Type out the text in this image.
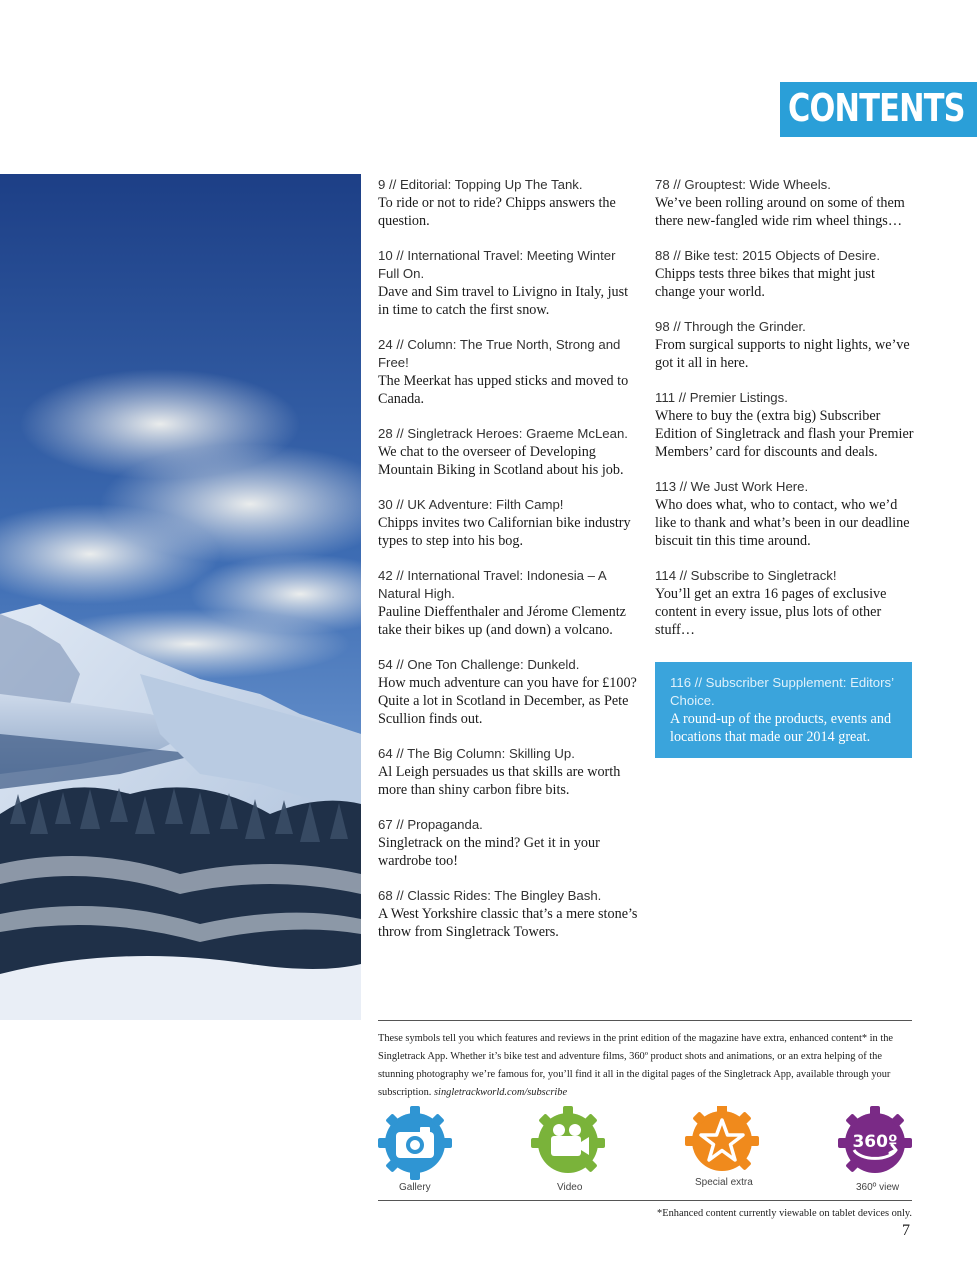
CONTENTS
9 // Editorial: Topping Up The Tank.
To ride or not to ride? Chipps answers the question.
10 // International Travel: Meeting Winter Full On.
Dave and Sim travel to Livigno in Italy, just in time to catch the first snow.
24 // Column: The True North, Strong and Free!
The Meerkat has upped sticks and moved to Canada.
28 // Singletrack Heroes: Graeme McLean.
We chat to the overseer of Developing Mountain Biking in Scotland about his job.
30 // UK Adventure: Filth Camp!
Chipps invites two Californian bike industry types to step into his bog.
42 // International Travel: Indonesia – A Natural High.
Pauline Dieffenthaler and Jérome Clementz take their bikes up (and down) a volcano.
54 // One Ton Challenge: Dunkeld.
How much adventure can you have for £100? Quite a lot in Scotland in December, as Pete Scullion finds out.
64 // The Big Column: Skilling Up.
Al Leigh persuades us that skills are worth more than shiny carbon fibre bits.
67 // Propaganda.
Singletrack on the mind? Get it in your wardrobe too!
68 // Classic Rides: The Bingley Bash.
A West Yorkshire classic that’s a mere stone’s throw from Singletrack Towers.
78 // Grouptest: Wide Wheels.
We’ve been rolling around on some of them there new-fangled wide rim wheel things…
88 // Bike test: 2015 Objects of Desire.
Chipps tests three bikes that might just change your world.
98 // Through the Grinder.
From surgical supports to night lights, we’ve got it all in here.
111 // Premier Listings.
Where to buy the (extra big) Subscriber Edition of Singletrack and flash your Premier Members’ card for discounts and deals.
113 // We Just Work Here.
Who does what, who to contact, who we’d like to thank and what’s been in our deadline biscuit tin this time around.
114 // Subscribe to Singletrack!
You’ll get an extra 16 pages of exclusive content in every issue, plus lots of other stuff…
116 // Subscriber Supplement: Editors’ Choice.
A round-up of the products, events and locations that made our 2014 great.
These symbols tell you which features and reviews in the print edition of the magazine have extra, enhanced content* in the Singletrack App. Whether it’s bike test and adventure films, 360º product shots and animations, or an extra helping of the stunning photography we’re famous for, you’ll find it all in the digital pages of the Singletrack App, available through your subscription. singletrackworld.com/subscribe
Gallery	Video	Special extra
360º
360º view
*Enhanced content currently viewable on tablet devices only.
7
